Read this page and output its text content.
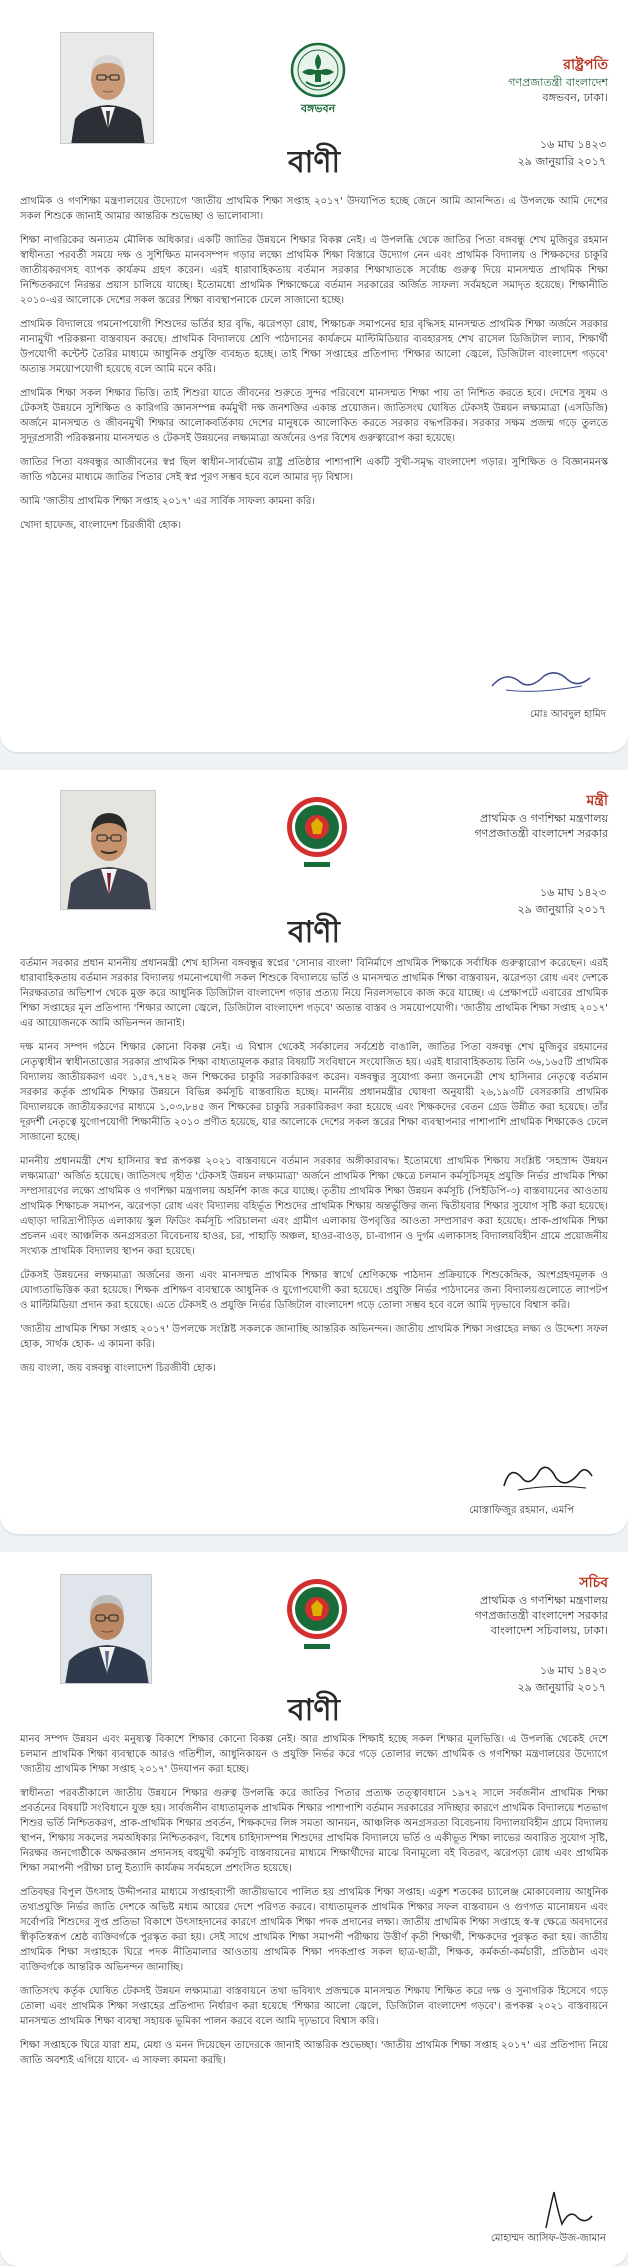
বঙ্গভবন
রাষ্ট্রপতি
গণপ্রজাতন্ত্রী বাংলাদেশ
বঙ্গভবন, ঢাকা।
১৬ মাঘ ১৪২৩
২৯ জানুয়ারি ২০১৭
বাণী

প্রাথমিক ও গণশিক্ষা মন্ত্রণালয়ের উদ্যোগে 'জাতীয় প্রাথমিক শিক্ষা সপ্তাহ ২০১৭' উদযাপিত হচ্ছে জেনে আমি আনন্দিত। এ উপলক্ষে আমি দেশের সকল শিশুকে জানাই আমার আন্তরিক শুভেচ্ছা ও ভালোবাসা।

শিক্ষা নাগরিকের অন্যতম মৌলিক অধিকার। একটি জাতির উন্নয়নে শিক্ষার বিকল্প নেই। এ উপলব্ধি থেকে জাতির পিতা বঙ্গবন্ধু শেখ মুজিবুর রহমান স্বাধীনতা পরবর্তী সময়ে দক্ষ ও সুশিক্ষিত মানবসম্পদ গড়ার লক্ষ্যে প্রাথমিক শিক্ষা বিস্তারে উদ্যোগ নেন এবং প্রাথমিক বিদ্যালয় ও শিক্ষকদের চাকুরি জাতীয়করণসহ ব্যাপক কার্যক্রম গ্রহণ করেন। এরই ধারাবাহিকতায় বর্তমান সরকার শিক্ষাখাতকে সর্বোচ্চ গুরুত্ব দিয়ে মানসম্মত প্রাথমিক শিক্ষা নিশ্চিতকরণে নিরন্তর প্রয়াস চালিয়ে যাচ্ছে। ইতোমধ্যে প্রাথমিক শিক্ষাক্ষেত্রে বর্তমান সরকারের অর্জিত সাফল্য সর্বমহলে সমাদৃত হয়েছে। শিক্ষানীতি ২০১০-এর আলোকে দেশের সকল স্তরের শিক্ষা ব্যবস্থাপনাকে ঢেলে সাজানো হচ্ছে।

প্রাথমিক বিদ্যালয়ে গমনোপযোগী শিশুদের ভর্তির হার বৃদ্ধি, ঝরেপড়া রোধ, শিক্ষাচক্র সমাপনের হার বৃদ্ধিসহ মানসম্মত প্রাথমিক শিক্ষা অর্জনে সরকার নানামুখী পরিকল্পনা বাস্তবায়ন করছে। প্রাথমিক বিদ্যালয়ে শ্রেণি পাঠদানের কার্যক্রমে মাল্টিমিডিয়ার ব্যবহারসহ শেখ রাসেল ডিজিটাল ল্যাব, শিক্ষার্থী উপযোগী কন্টেন্ট তৈরির মাধ্যমে আধুনিক প্রযুক্তি ব্যবহৃত হচ্ছে। তাই শিক্ষা সপ্তাহের প্রতিপাদ্য 'শিক্ষার আলো জ্বেলে, ডিজিটাল বাংলাদেশ গড়বে' অত্যন্ত সময়োপযোগী হয়েছে বলে আমি মনে করি।

প্রাথমিক শিক্ষা সকল শিক্ষার ভিত্তি। তাই শিশুরা যাতে জীবনের শুরুতে সুন্দর পরিবেশে মানসম্মত শিক্ষা পায় তা নিশ্চিত করতে হবে। দেশের সুষম ও টেকসই উন্নয়নে সুশিক্ষিত ও কারিগরি জ্ঞানসম্পন্ন কর্মমুখী দক্ষ জনশক্তির একান্ত প্রয়োজন। জাতিসংঘ ঘোষিত টেকসই উন্নয়ন লক্ষ্যমাত্রা (এসডিজি) অর্জনে মানসম্মত ও জীবনমুখী শিক্ষার আলোকবর্তিকায় দেশের মানুষকে আলোকিত করতে সরকার বদ্ধপরিকর। সরকার সক্ষম প্রজন্ম গড়ে তুলতে সুদূরপ্রসারী পরিকল্পনায় মানসম্মত ও টেকসই উন্নয়নের লক্ষ্যমাত্রা অর্জনের ওপর বিশেষ গুরুত্বারোপ করা হয়েছে।

জাতির পিতা বঙ্গবন্ধুর আজীবনের স্বপ্ন ছিল স্বাধীন-সার্বভৌম রাষ্ট্র প্রতিষ্ঠার পাশাপাশি একটি সুখী-সমৃদ্ধ বাংলাদেশ গড়ার। সুশিক্ষিত ও বিজ্ঞানমনস্ক জাতি গঠনের মাধ্যমে জাতির পিতার সেই স্বপ্ন পূরণ সম্ভব হবে বলে আমার দৃঢ় বিশ্বাস।

আমি 'জাতীয় প্রাথমিক শিক্ষা সপ্তাহ ২০১৭' এর সার্বিক সাফল্য কামনা করি।

খোদা হাফেজ, বাংলাদেশ চিরজীবী হোক।

মোঃ আবদুল হামিদ
মন্ত্রী
প্রাথমিক ও গণশিক্ষা মন্ত্রণালয়
গণপ্রজাতন্ত্রী বাংলাদেশ সরকার
১৬ মাঘ ১৪২৩
২৯ জানুয়ারি ২০১৭
বাণী

বর্তমান সরকার প্রধান মাননীয় প্রধানমন্ত্রী শেখ হাসিনা বঙ্গবন্ধুর স্বপ্নের 'সোনার বাংলা' বিনির্মাণে প্রাথমিক শিক্ষাকে সর্বাধিক গুরুত্বারোপ করেছেন। এরই ধারাবাহিকতায় বর্তমান সরকার বিদ্যালয় গমনোপযোগী সকল শিশুকে বিদ্যালয়ে ভর্তি ও মানসম্মত প্রাথমিক শিক্ষা বাস্তবায়ন, ঝরেপড়া রোধ এবং দেশকে নিরক্ষরতার অভিশাপ থেকে মুক্ত করে আধুনিক ডিজিটাল বাংলাদেশ গড়ার প্রত্যয় নিয়ে নিরলসভাবে কাজ করে যাচ্ছে। এ প্রেক্ষাপটে এবারের প্রাথমিক শিক্ষা সপ্তাহের মূল প্রতিপাদ্য 'শিক্ষার আলো জ্বেলে, ডিজিটাল বাংলাদেশ গড়বে' অত্যন্ত বাস্তব ও সময়োপযোগী। 'জাতীয় প্রাথমিক শিক্ষা সপ্তাহ ২০১৭' এর আয়োজনকে আমি অভিনন্দন জানাই।

দক্ষ মানব সম্পদ গঠনে শিক্ষার কোনো বিকল্প নেই। এ বিশ্বাস থেকেই সর্বকালের সর্বশ্রেষ্ঠ বাঙালি, জাতির পিতা বঙ্গবন্ধু শেখ মুজিবুর রহমানের নেতৃত্বাধীন স্বাধীনতাত্তোর সরকার প্রাথমিক শিক্ষা বাধ্যতামূলক করার বিষয়টি সংবিধানে সংযোজিত হয়। এরই ধারাবাহিকতায় তিনি ৩৬,১৬৫টি প্রাথমিক বিদ্যালয় জাতীয়করণ এবং ১,৫৭,৭৪২ জন শিক্ষকের চাকুরি সরকারিকরণ করেন। বঙ্গবন্ধুর সুযোগ্য কন্যা জননেত্রী শেখ হাসিনার নেতৃত্বে বর্তমান সরকার কর্তৃক প্রাথমিক শিক্ষার উন্নয়নে বিভিন্ন কর্মসূচি বাস্তবায়িত হচ্ছে। মাননীয় প্রধানমন্ত্রীর ঘোষণা অনুযায়ী ২৬,১৯৩টি বেসরকারি প্রাথমিক বিদ্যালয়কে জাতীয়করণের মাধ্যমে ১,০৩,৮৪৫ জন শিক্ষকের চাকুরি সরকারিকরণ করা হয়েছে এবং শিক্ষকদের বেতন গ্রেড উন্নীত করা হয়েছে। তাঁর দূরদর্শী নেতৃত্বে যুগোপযোগী শিক্ষানীতি ২০১০ প্রণীত হয়েছে, যার আলোকে দেশের সকল স্তরের শিক্ষা ব্যবস্থাপনার পাশাপাশি প্রাথমিক শিক্ষাকেও ঢেলে সাজানো হচ্ছে।

মাননীয় প্রধানমন্ত্রী শেখ হাসিনার স্বপ্ন রূপকল্প ২০২১ বাস্তবায়নে বর্তমান সরকার অঙ্গীকারাবদ্ধ। ইতোমধ্যে প্রাথমিক শিক্ষায় সংশ্লিষ্ট 'সহস্রাব্দ উন্নয়ন লক্ষ্যমাত্রা' অর্জিত হয়েছে। জাতিসংঘ গৃহীত 'টেকসই উন্নয়ন লক্ষ্যমাত্রা' অর্জনে প্রাথমিক শিক্ষা ক্ষেত্রে চলমান কর্মসূচিসমূহ প্রযুক্তি নির্ভর প্রাথমিক শিক্ষা সম্প্রসারণের লক্ষ্যে প্রাথমিক ও গণশিক্ষা মন্ত্রণালয় অহর্নিশ কাজ করে যাচ্ছে। তৃতীয় প্রাথমিক শিক্ষা উন্নয়ন কর্মসূচি (পিইডিপি-৩) বাস্তবায়নের আওতায় প্রাথমিক শিক্ষাচক্র সমাপন, ঝরেপড়া রোধ এবং বিদ্যালয় বহির্ভূত শিশুদের প্রাথমিক শিক্ষায় অন্তর্ভুক্তির জন্য দ্বিতীয়বার শিক্ষার সুযোগ সৃষ্টি করা হয়েছে। এছাড়া দারিদ্র্যপীড়িত এলাকায় স্কুল ফিডিং কর্মসূচি পরিচালনা এবং গ্রামীণ এলাকায় উপবৃত্তির আওতা সম্প্রসারণ করা হয়েছে। প্রাক-প্রাথমিক শিক্ষা প্রচলন এবং আঞ্চলিক অনগ্রসরতা বিবেচনায় হাওর, চর, পাহাড়ি অঞ্চল, হাওর-বাওড়, চা-বাগান ও দুর্গম এলাকাসহ বিদ্যালয়বিহীন গ্রামে প্রয়োজনীয় সংখ্যক প্রাথমিক বিদ্যালয় স্থাপন করা হয়েছে।

টেকসই উন্নয়নের লক্ষ্যমাত্রা অর্জনের জন্য এবং মানসম্মত প্রাথমিক শিক্ষার স্বার্থে শ্রেণিকক্ষে পাঠদান প্রক্রিয়াকে শিশুকেন্দ্রিক, অংশগ্রহণমূলক ও যোগ্যতাভিত্তিক করা হয়েছে। শিক্ষক প্রশিক্ষণ ব্যবস্থাকে আধুনিক ও যুগোপযোগী করা হয়েছে। প্রযুক্তি নির্ভর পাঠদানের জন্য বিদ্যালয়গুলোতে ল্যাপটপ ও মাল্টিমিডিয়া প্রদান করা হয়েছে। এতে টেকসই ও প্রযুক্তি নির্ভর ডিজিটাল বাংলাদেশ গড়ে তোলা সম্ভব হবে বলে আমি দৃঢ়ভাবে বিশ্বাস করি।

'জাতীয় প্রাথমিক শিক্ষা সপ্তাহ ২০১৭' উপলক্ষে সংশ্লিষ্ট সকলকে জানাচ্ছি আন্তরিক অভিনন্দন। জাতীয় প্রাথমিক শিক্ষা সপ্তাহের লক্ষ্য ও উদ্দেশ্য সফল হোক, সার্থক হোক- এ কামনা করি।

জয় বাংলা, জয় বঙ্গবন্ধু বাংলাদেশ চিরজীবী হোক।

মোস্তাফিজুর রহমান, এমপি
সচিব
প্রাথমিক ও গণশিক্ষা মন্ত্রণালয়
গণপ্রজাতন্ত্রী বাংলাদেশ সরকার
বাংলাদেশ সচিবালয়, ঢাকা।
১৬ মাঘ ১৪২৩
২৯ জানুয়ারি ২০১৭
বাণী

মানব সম্পদ উন্নয়ন এবং মনুষ্যত্ব বিকাশে শিক্ষার কোনো বিকল্প নেই। আর প্রাথমিক শিক্ষাই হচ্ছে সকল শিক্ষার মূলভিত্তি। এ উপলব্ধি থেকেই দেশে চলমান প্রাথমিক শিক্ষা ব্যবস্থাকে আরও গতিশীল, আধুনিকায়ন ও প্রযুক্তি নির্ভর করে গড়ে তোলার লক্ষ্যে প্রাথমিক ও গণশিক্ষা মন্ত্রণালয়ের উদ্যোগে 'জাতীয় প্রাথমিক শিক্ষা সপ্তাহ ২০১৭' উদযাপন করা হচ্ছে।

স্বাধীনতা পরবর্তীকালে জাতীয় উন্নয়নে শিক্ষার গুরুত্ব উপলব্ধি করে জাতির পিতার প্রত্যক্ষ তত্ত্বাবধানে ১৯৭২ সালে সর্বজনীন প্রাথমিক শিক্ষা প্রবর্তনের বিষয়টি সংবিধানে যুক্ত হয়। সার্বজনীন বাধ্যতামূলক প্রাথমিক শিক্ষার পাশাপাশি বর্তমান সরকারের সদিচ্ছার কারণে প্রাথমিক বিদ্যালয়ে শতভাগ শিশুর ভর্তি নিশ্চিতকরণ, প্রাক-প্রাথমিক শিক্ষার প্রবর্তন, শিক্ষকদের লিঙ্গ সমতা আনয়ন, আঞ্চলিক অনগ্রসরতা বিবেচনায় বিদ্যালয়বিহীন গ্রামে বিদ্যালয় স্থাপন, শিক্ষায় সকলের সমঅধিকার নিশ্চিতকরণ, বিশেষ চাহিদাসম্পন্ন শিশুদের প্রাথমিক বিদ্যালয়ে ভর্তি ও একীভূত শিক্ষা লাভের অবারিত সুযোগ সৃষ্টি, নিরক্ষর জনগোষ্ঠীকে অক্ষরজ্ঞান প্রদানসহ বহুমুখী কর্মসূচি বাস্তবায়নের মাধ্যমে শিক্ষার্থীদের মাঝে বিনামূল্যে বই বিতরণ, ঝরেপড়া রোধ এবং প্রাথমিক শিক্ষা সমাপনী পরীক্ষা চালু ইত্যাদি কার্যক্রম সর্বমহলে প্রশংসিত হয়েছে।

প্রতিবছর বিপুল উৎসাহ উদ্দীপনার মাধ্যমে সপ্তাহব্যাপী জাতীয়ভাবে পালিত হয় প্রাথমিক শিক্ষা সপ্তাহ। একুশ শতকের চ্যালেঞ্জ মোকাবেলায় আধুনিক তথ্যপ্রযুক্তি নির্ভর জাতি দেশকে অভিষ্ট মধ্যম আয়ের দেশে পরিণত করবে। বাধ্যতামূলক প্রাথমিক শিক্ষার সফল বাস্তবায়ন ও গুণগত মানোন্নয়ন এবং সর্বোপরি শিশুদের সুপ্ত প্রতিভা বিকাশে উৎসাহদানের কারণে প্রাথমিক শিক্ষা পদক প্রদানের লক্ষ্য। জাতীয় প্রাথমিক শিক্ষা সপ্তাহে স্ব-স্ব ক্ষেত্রে অবদানের স্বীকৃতিস্বরূপ শ্রেষ্ঠ ব্যক্তিবর্গকে পুরস্কৃত করা হয়। সেই সাথে প্রাথমিক শিক্ষা সমাপনী পরীক্ষায় উত্তীর্ণ কৃতী শিক্ষার্থী, শিক্ষকদের পুরস্কৃত করা হয়। জাতীয় প্রাথমিক শিক্ষা সপ্তাহকে ঘিরে পদক নীতিমালার আওতায় প্রাথমিক শিক্ষা পদকপ্রাপ্ত সকল ছাত্র-ছাত্রী, শিক্ষক, কর্মকর্তা-কর্মচারী, প্রতিষ্ঠান এবং ব্যক্তিবর্গকে আন্তরিক অভিনন্দন জানাচ্ছি।

জাতিসংঘ কর্তৃক ঘোষিত টেকসই উন্নয়ন লক্ষ্যমাত্রা বাস্তবায়নে তথা ভবিষ্যৎ প্রজন্মকে মানসম্মত শিক্ষায় শিক্ষিত করে দক্ষ ও সুনাগরিক হিসেবে গড়ে তোলা এবং প্রাথমিক শিক্ষা সপ্তাহের প্রতিপাদ্য নির্ধারণ করা হয়েছে 'শিক্ষার আলো জ্বেলে, ডিজিটাল বাংলাদেশ গড়বে'। রূপকল্প ২০২১ বাস্তবায়নে মানসম্মত প্রাথমিক শিক্ষা ব্যবস্থা সহায়ক ভূমিকা পালন করবে বলে আমি দৃঢ়ভাবে বিশ্বাস করি।

শিক্ষা সপ্তাহকে ঘিরে যারা শ্রম, মেধা ও মনন দিয়েছেন তাদেরকে জানাই আন্তরিক শুভেচ্ছা। 'জাতীয় প্রাথমিক শিক্ষা সপ্তাহ ২০১৭' এর প্রতিপাদ্য নিয়ে জাতি অবশ্যই এগিয়ে যাবে- এ সাফল্য কামনা করছি।

মোহাম্মদ আসিফ-উজ-জামান
